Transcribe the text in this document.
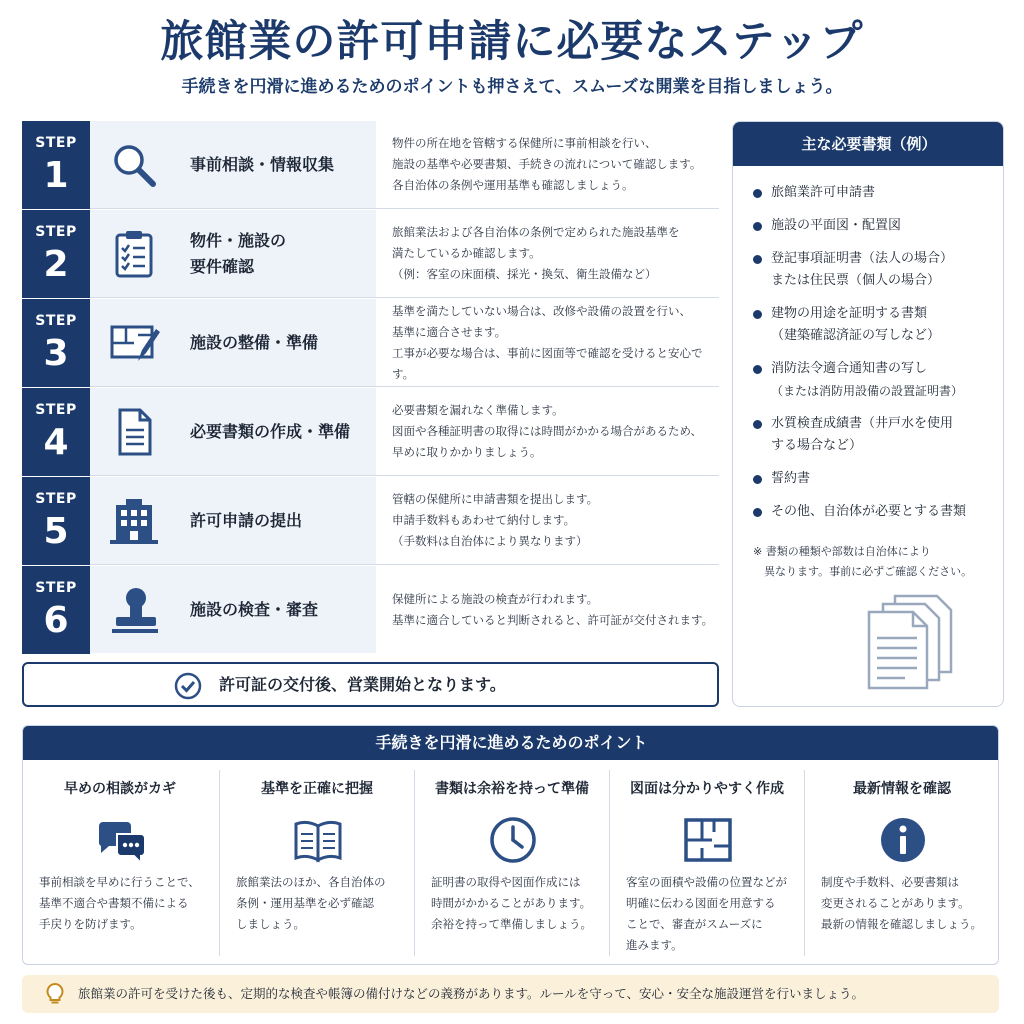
旅館業の許可申請に必要なステップ
手続きを円滑に進めるためのポイントも押さえて、スムーズな開業を目指しましょう。
STEP
1	事前相談・情報収集
物件の所在地を管轄する保健所に事前相談を行い、
施設の基準や必要書類、手続きの流れについて確認します。
各自治体の条例や運用基準も確認しましょう。
STEP
2
物件・施設の
要件確認
旅館業法および各自治体の条例で定められた施設基準を
満たしているか確認します。
（例：客室の床面積、採光・換気、衛生設備など）
STEP
3	施設の整備・準備
基準を満たしていない場合は、改修や設備の設置を行い、
基準に適合させます。
工事が必要な場合は、事前に図面等で確認を受けると安心です。
STEP
4	必要書類の作成・準備
必要書類を漏れなく準備します。
図面や各種証明書の取得には時間がかかる場合があるため、
早めに取りかかりましょう。
STEP
5	許可申請の提出
管轄の保健所に申請書類を提出します。
申請手数料もあわせて納付します。
（手数料は自治体により異なります）
STEP
6	施設の検査・審査
保健所による施設の検査が行われます。
基準に適合していると判断されると、許可証が交付されます。
許可証の交付後、営業開始となります。
主な必要書類（例）
旅館業許可申請書
施設の平面図・配置図
登記事項証明書（法人の場合）
または住民票（個人の場合）
建物の用途を証明する書類
（建築確認済証の写しなど）
消防法令適合通知書の写し
（または消防用設備の設置証明書）
水質検査成績書（井戸水を使用
する場合など）
誓約書
その他、自治体が必要とする書類
※ 書類の種類や部数は自治体により
　異なります。事前に必ずご確認ください。
手続きを円滑に進めるためのポイント
早めの相談がカギ
事前相談を早めに行うことで、
基準不適合や書類不備による
手戻りを防げます。
基準を正確に把握
旅館業法のほか、各自治体の
条例・運用基準を必ず確認
しましょう。
書類は余裕を持って準備
証明書の取得や図面作成には
時間がかかることがあります。
余裕を持って準備しましょう。
図面は分かりやすく作成
客室の面積や設備の位置などが
明確に伝わる図面を用意する
ことで、審査がスムーズに
進みます。
最新情報を確認
制度や手数料、必要書類は
変更されることがあります。
最新の情報を確認しましょう。
旅館業の許可を受けた後も、定期的な検査や帳簿の備付けなどの義務があります。ルールを守って、安心・安全な施設運営を行いましょう。
